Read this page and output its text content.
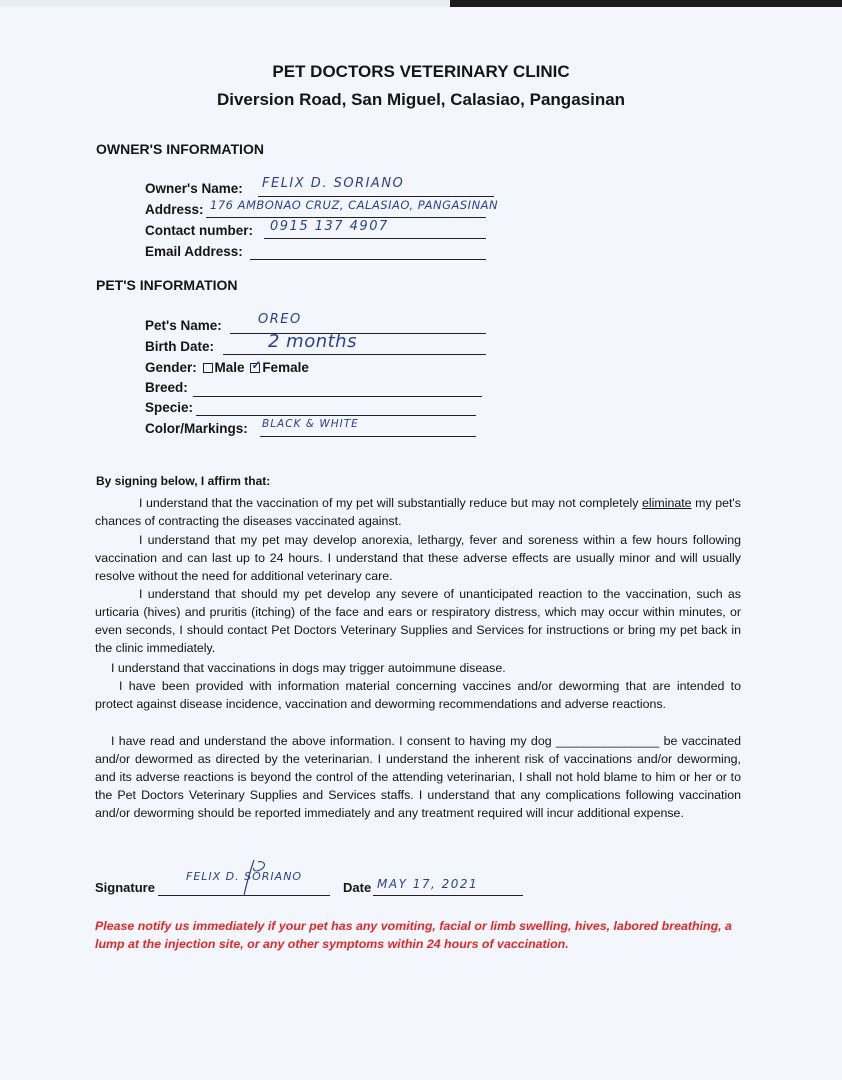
PET DOCTORS VETERINARY CLINIC
Diversion Road, San Miguel, Calasiao, Pangasinan
OWNER'S INFORMATION
Owner's Name: FELIX D. SORIANO
Address: 176 AMBONAO CRUZ, CALASIAO, PANGASINAN
Contact number: 0915 137 4907
Email Address:
PET'S INFORMATION
Pet's Name:	OREO
Birth Date:	2 months
Gender: Male ✓ Female
Breed:
Specie:
Color/Markings: BLACK & WHITE
By signing below, I affirm that:
I understand that the vaccination of my pet will substantially reduce but may not completely eliminate my pet's chances of contracting the diseases vaccinated against.
I understand that my pet may develop anorexia, lethargy, fever and soreness within a few hours following vaccination and can last up to 24 hours. I understand that these adverse effects are usually minor and will usually resolve without the need for additional veterinary care.
I understand that should my pet develop any severe of unanticipated reaction to the vaccination, such as urticaria (hives) and pruritis (itching) of the face and ears or respiratory distress, which may occur within minutes, or even seconds, I should contact Pet Doctors Veterinary Supplies and Services for instructions or bring my pet back in the clinic immediately.
I understand that vaccinations in dogs may trigger autoimmune disease.
I have been provided with information material concerning vaccines and/or deworming that are intended to protect against disease incidence, vaccination and deworming recommendations and adverse reactions.
I have read and understand the above information. I consent to having my dog _______________ be vaccinated and/or dewormed as directed by the veterinarian. I understand the inherent risk of vaccinations and/or deworming, and its adverse reactions is beyond the control of the attending veterinarian, I shall not hold blame to him or her or to the Pet Doctors Veterinary Supplies and Services staffs. I understand that any complications following vaccination and/or deworming should be reported immediately and any treatment required will incur additional expense.
Signature
FELIX D. SORIANO
Date MAY 17, 2021
Please notify us immediately if your pet has any vomiting, facial or limb swelling, hives, labored breathing, a lump at the injection site, or any other symptoms within 24 hours of vaccination.
